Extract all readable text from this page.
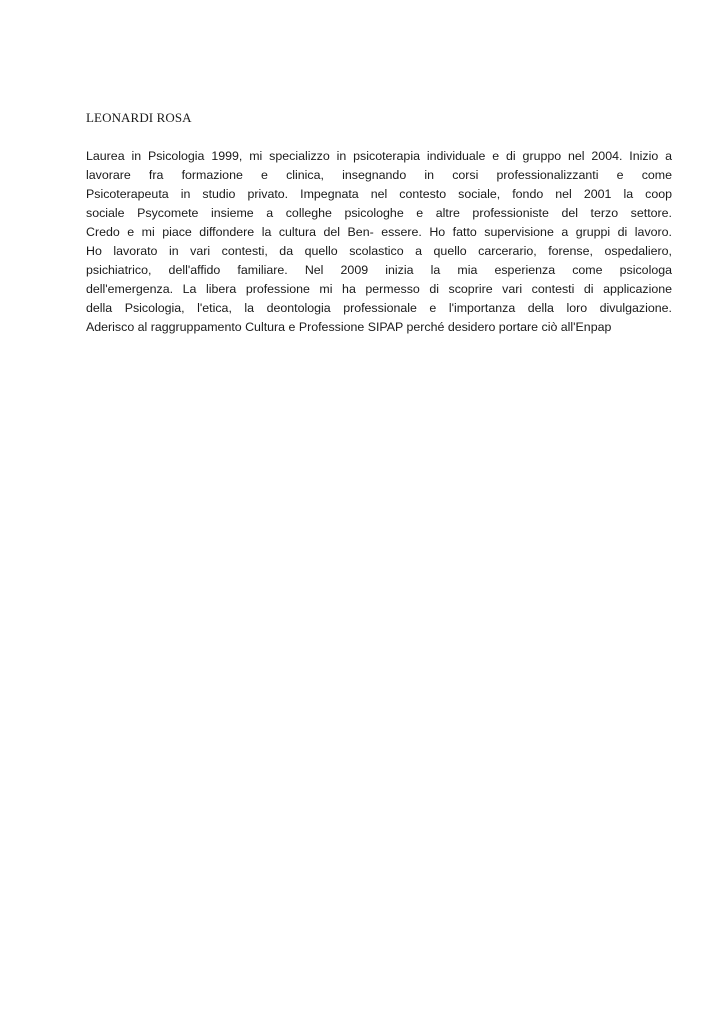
LEONARDI ROSA
Laurea in Psicologia 1999, mi specializzo in psicoterapia individuale e di gruppo nel 2004. Inizio a
lavorare fra formazione e clinica, insegnando in corsi professionalizzanti e come
Psicoterapeuta in studio privato. Impegnata nel contesto sociale, fondo nel 2001 la coop
sociale Psycomete insieme a colleghe psicologhe e altre professioniste del terzo settore.
Credo e mi piace diffondere la cultura del Ben- essere. Ho fatto supervisione a gruppi di lavoro.
Ho lavorato in vari contesti, da quello scolastico a quello carcerario, forense, ospedaliero,
psichiatrico, dell'affido familiare. Nel 2009 inizia la mia esperienza come psicologa
dell'emergenza. La libera professione mi ha permesso di scoprire vari contesti di applicazione
della Psicologia, l'etica, la deontologia professionale e l'importanza della loro divulgazione.
Aderisco al raggruppamento Cultura e Professione SIPAP perché desidero portare ciò all'Enpap
